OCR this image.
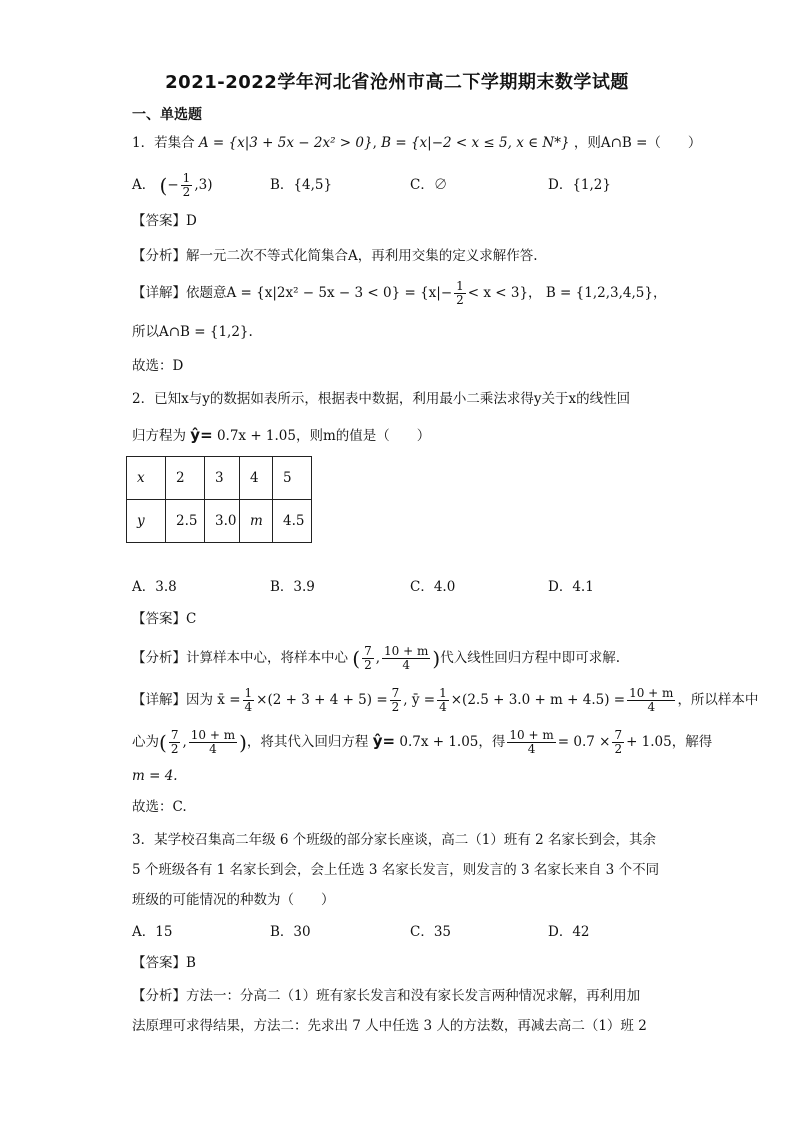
2021-2022学年河北省沧州市高二下学期期末数学试题
一、单选题
1．若集合 A = {x|3 + 5x − 2x² > 0}, B = {x|−2 < x ≤ 5, x ∈ N*} ，则A∩B =（　　）
A． (− $\frac{1}{2} ,3$)	B．{4,5}	C．∅	D．{1,2}
【答案】D
【分析】解一元二次不等式化简集合A，再利用交集的定义求解作答.
【详解】依题意$A = \{x|2x^2 - 5x - 3 < 0\} = \{x|- \frac{1}{2} < x < 3\}$， B = {1,2,3,4,5}，
所以A∩B = {1,2}.
故选：D
2．已知x与y的数据如表所示，根据表中数据，利用最小二乘法求得y关于x的线性回
归方程为 ŷ= 0.7x + 1.05，则m的值是（　　）
x	2	3	4	5
y	2.5	3.0	m	4.5
A．3.8	B．3.9	C．4.0	D．4.1
【答案】C
【分析】计算样本中心，将样本中心 ( $\frac{7}{2}$ , $\frac{10 + m}{4}$ )代入线性回归方程中即可求解.
【详解】因为 x̄ = $\frac{1}{4} \times(2 + 3 + 4 + 5) = \frac{7}{2}$ , ȳ = $\frac{1}{4} \times(2.5 + 3.0 + m + 4.5) = \frac{10 + m}{4}$ ，所以样本中
心为( $\frac{7}{2}$ , $\frac{10 + m}{4}$ )，将其代入回归方程 ŷ= 0.7x + 1.05，得 $\frac{10 + m}{4} = 0.7 \times \frac{7}{2} + 1.05$，解得
m = 4.
故选：C.
3．某学校召集高二年级 6 个班级的部分家长座谈，高二（1）班有 2 名家长到会，其余
5 个班级各有 1 名家长到会，会上任选 3 名家长发言，则发言的 3 名家长来自 3 个不同
班级的可能情况的种数为（　　）
A．15	B．30	C．35	D．42
【答案】B
【分析】方法一：分高二（1）班有家长发言和没有家长发言两种情况求解，再利用加
法原理可求得结果，方法二：先求出 7 人中任选 3 人的方法数，再减去高二（1）班 2
